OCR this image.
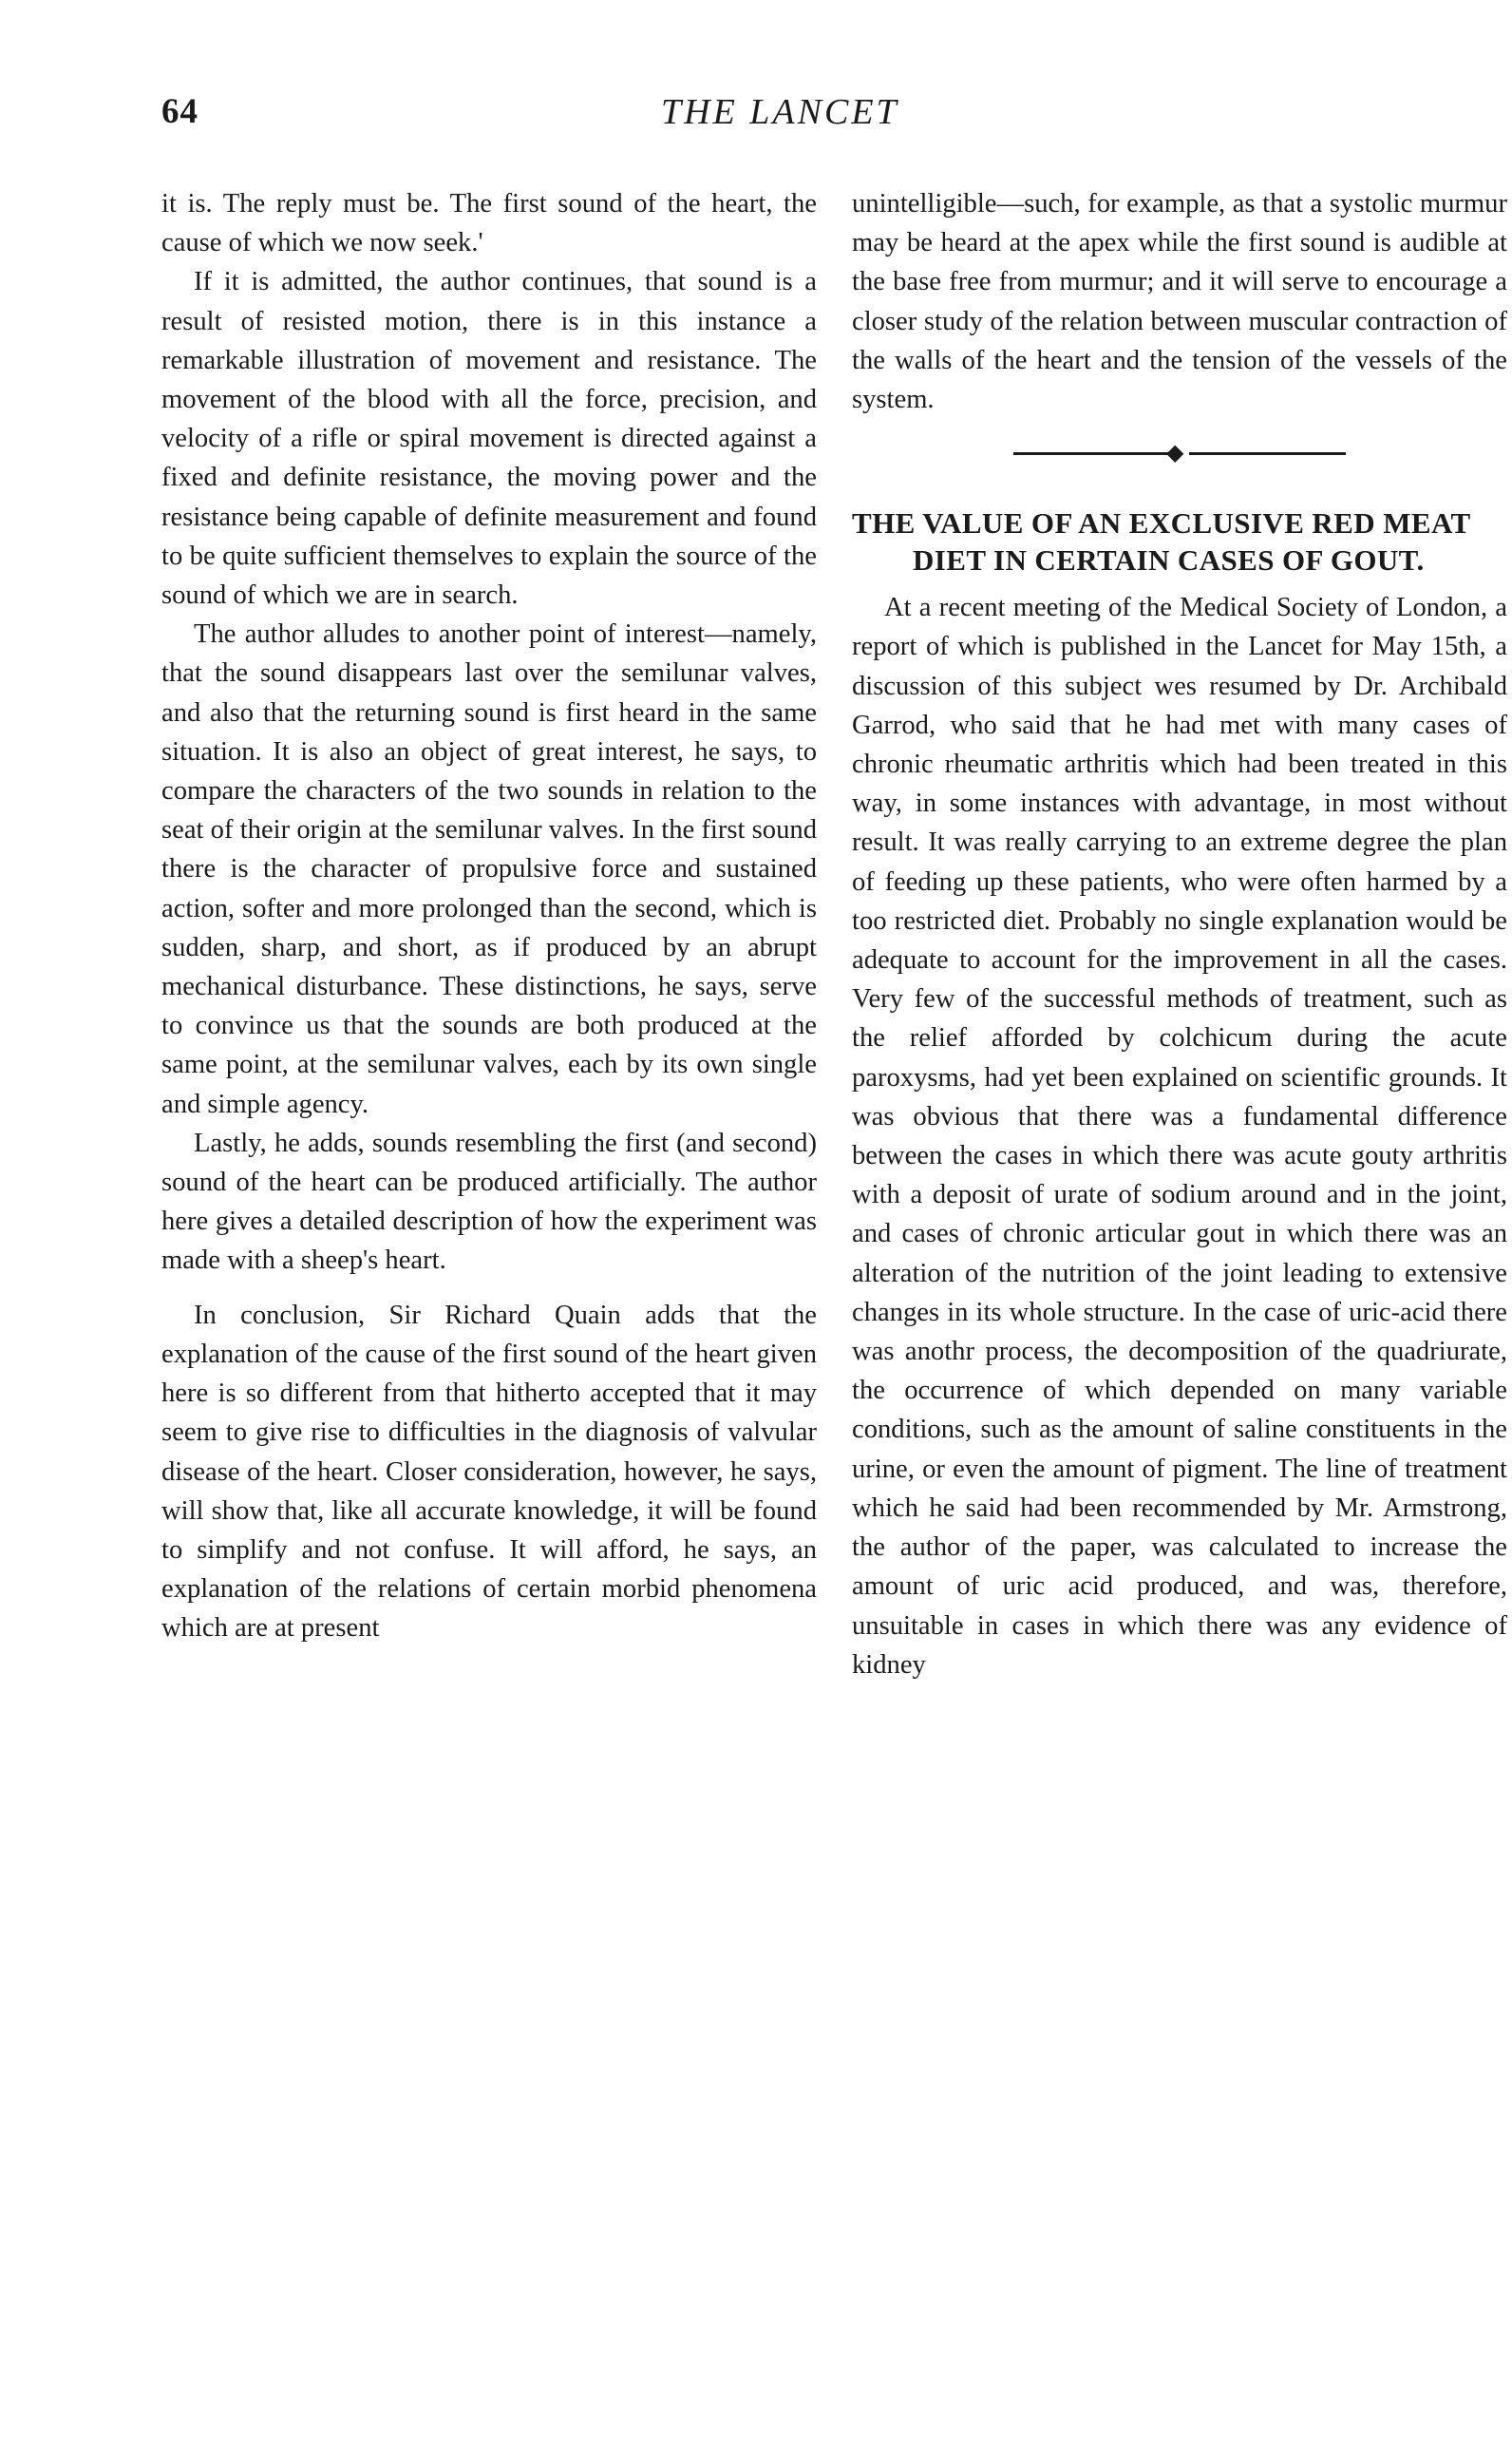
64	THE LANCET

it is. The reply must be. The first sound of the heart, the cause of which we now seek.'

If it is admitted, the author continues, that sound is a result of resisted motion, there is in this instance a remarkable illustration of movement and resistance. The movement of the blood with all the force, precision, and velocity of a rifle or spiral movement is directed against a fixed and definite resistance, the moving power and the resistance being capable of definite measurement and found to be quite sufficient themselves to explain the source of the sound of which we are in search.

The author alludes to another point of interest—namely, that the sound disappears last over the semilunar valves, and also that the returning sound is first heard in the same situation. It is also an object of great interest, he says, to compare the characters of the two sounds in relation to the seat of their origin at the semilunar valves. In the first sound there is the character of propulsive force and sustained action, softer and more prolonged than the second, which is sudden, sharp, and short, as if produced by an abrupt mechanical disturbance. These distinctions, he says, serve to convince us that the sounds are both produced at the same point, at the semilunar valves, each by its own single and simple agency.

Lastly, he adds, sounds resembling the first (and second) sound of the heart can be produced artificially. The author here gives a detailed description of how the experiment was made with a sheep's heart.

In conclusion, Sir Richard Quain adds that the explanation of the cause of the first sound of the heart given here is so different from that hitherto accepted that it may seem to give rise to difficulties in the diagnosis of valvular disease of the heart. Closer consideration, however, he says, will show that, like all accurate knowledge, it will be found to simplify and not confuse. It will afford, he says, an explanation of the relations of certain morbid phenomena which are at present

unintelligible—such, for example, as that a systolic murmur may be heard at the apex while the first sound is audible at the base free from murmur; and it will serve to encourage a closer study of the relation between muscular contraction of the walls of the heart and the tension of the vessels of the system.

◆
THE VALUE OF AN EXCLUSIVE RED MEAT DIET IN CERTAIN CASES OF GOUT.

At a recent meeting of the Medical Society of London, a report of which is published in the Lancet for May 15th, a discussion of this subject wes resumed by Dr. Archibald Garrod, who said that he had met with many cases of chronic rheumatic arthritis which had been treated in this way, in some instances with advantage, in most without result. It was really carrying to an extreme degree the plan of feeding up these patients, who were often harmed by a too restricted diet. Probably no single explanation would be adequate to account for the improvement in all the cases. Very few of the successful methods of treatment, such as the relief afforded by colchicum during the acute paroxysms, had yet been explained on scientific grounds. It was obvious that there was a fundamental difference between the cases in which there was acute gouty arthritis with a deposit of urate of sodium around and in the joint, and cases of chronic articular gout in which there was an alteration of the nutrition of the joint leading to extensive changes in its whole structure. In the case of uric-acid there was anothr process, the decomposition of the quadriurate, the occurrence of which depended on many variable conditions, such as the amount of saline constituents in the urine, or even the amount of pigment. The line of treatment which he said had been recommended by Mr. Armstrong, the author of the paper, was calculated to increase the amount of uric acid produced, and was, therefore, unsuitable in cases in which there was any evidence of kidney
